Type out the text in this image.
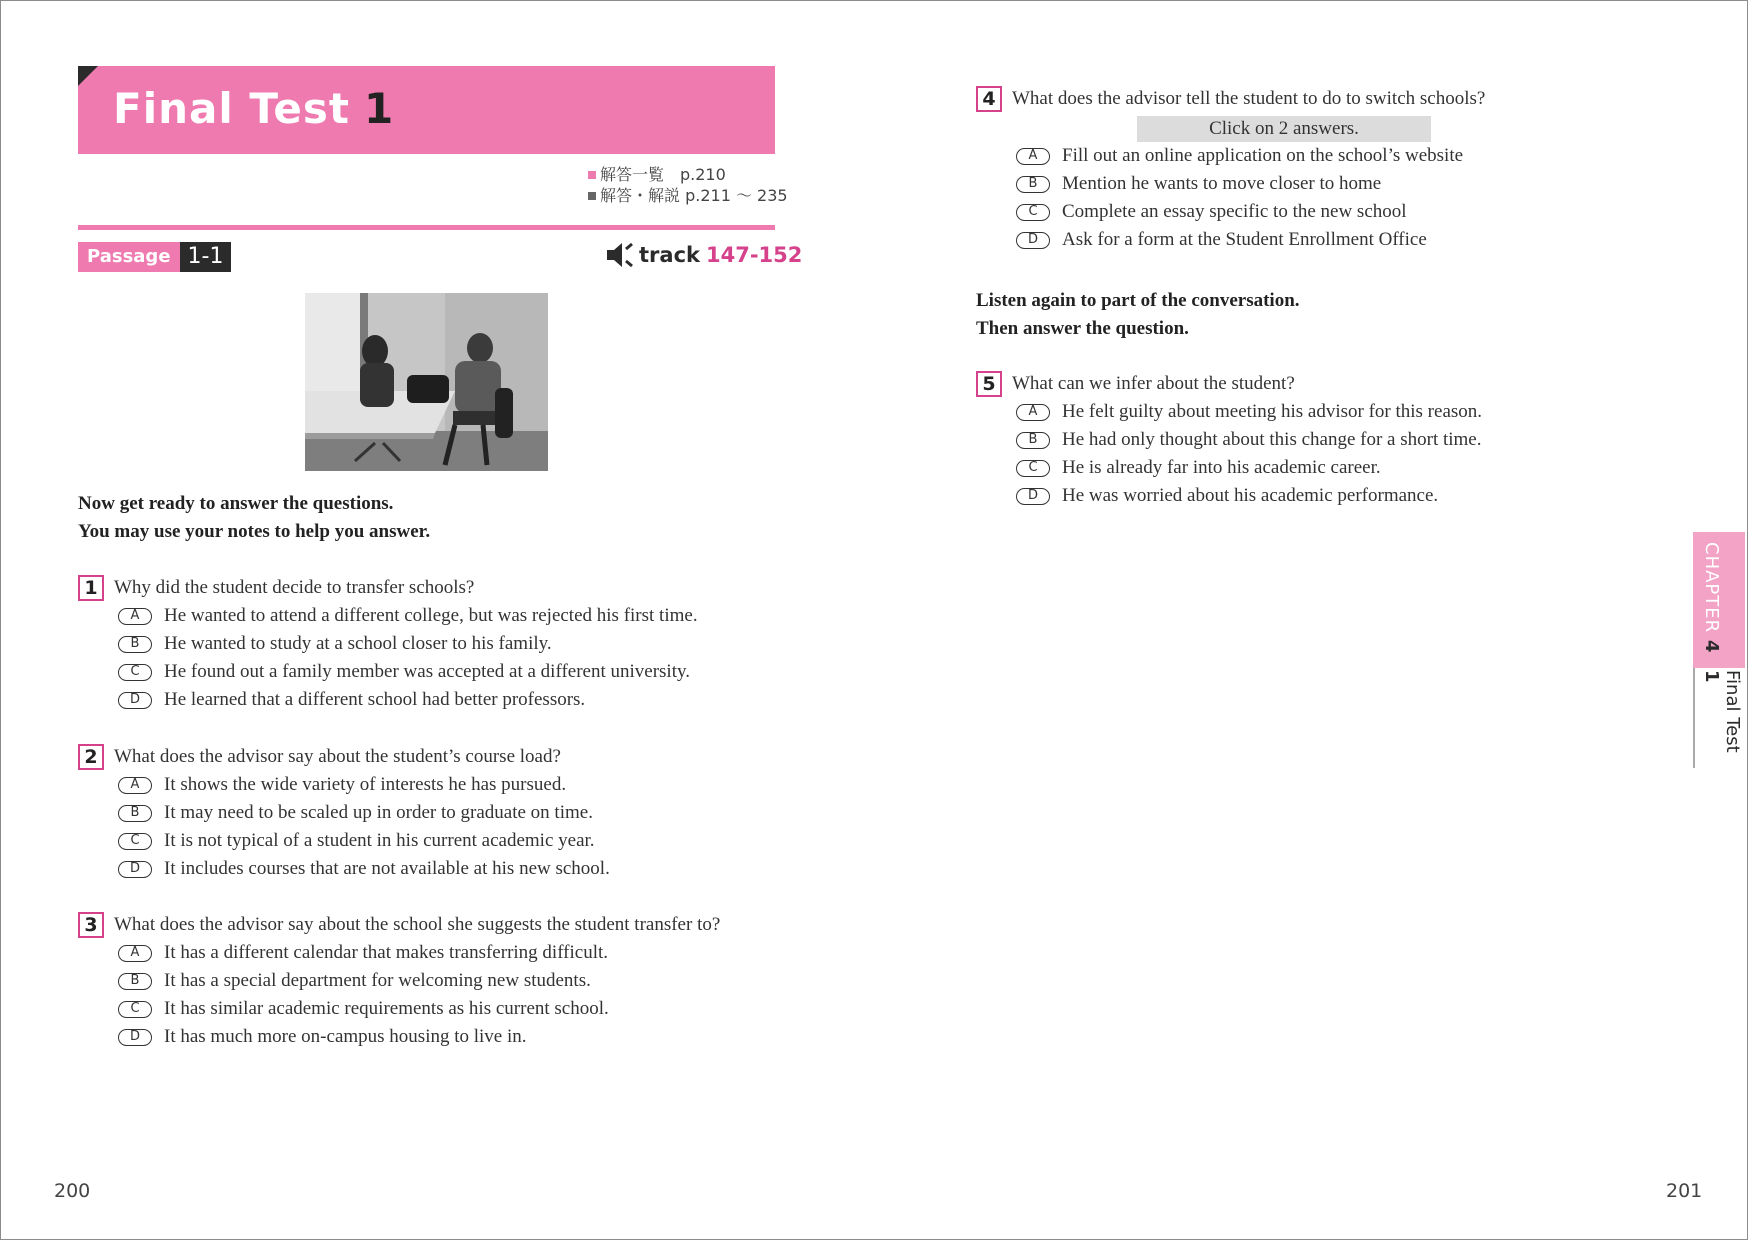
Final Test 1
解答一覧　p.210
解答・解説 p.211 〜 235
Passage 1-1	track 147-152
Now get ready to answer the questions.
You may use your notes to help you answer.
1 Why did the student decide to transfer schools?
A	He wanted to attend a different college, but was rejected his first time.
B	He wanted to study at a school closer to his family.
C	He found out a family member was accepted at a different university.
D	He learned that a different school had better professors.
2 What does the advisor say about the student’s course load?
A	It shows the wide variety of interests he has pursued.
B	It may need to be scaled up in order to graduate on time.
C	It is not typical of a student in his current academic year.
D	It includes courses that are not available at his new school.
3 What does the advisor say about the school she suggests the student transfer to?
A	It has a different calendar that makes transferring difficult.
B	It has a special department for welcoming new students.
C	It has similar academic requirements as his current school.
D	It has much more on-campus housing to live in.
4 What does the advisor tell the student to do to switch schools?
Click on 2 answers.
A	Fill out an online application on the school’s website
B	Mention he wants to move closer to home
C	Complete an essay specific to the new school
D	Ask for a form at the Student Enrollment Office
Listen again to part of the conversation.
Then answer the question.
5 What can we infer about the student?
A	He felt guilty about meeting his advisor for this reason.
B	He had only thought about this change for a short time.
C	He is already far into his academic career.
D	He was worried about his academic performance.
CHAPTER 4
Final Test 1
200	201
